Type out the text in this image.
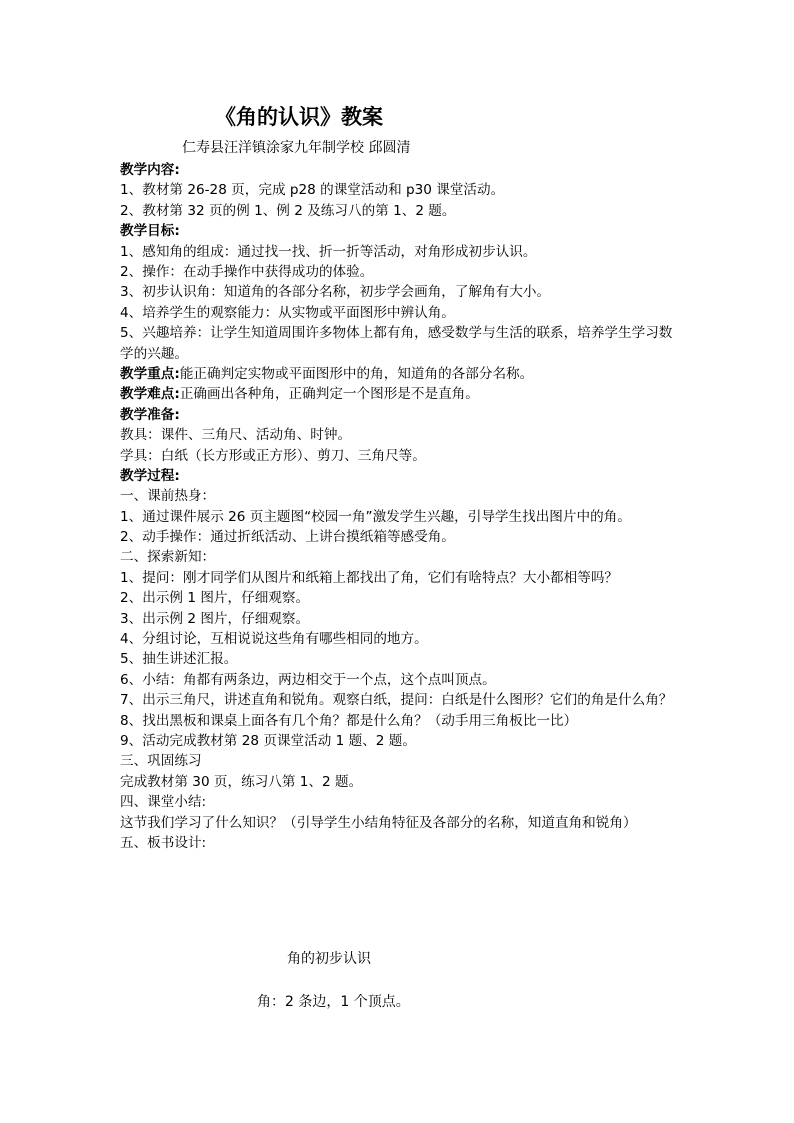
《角的认识》教案
仁寿县汪洋镇涂家九年制学校 邱圆清
教学内容:
1、教材第 26-28 页，完成 p28 的课堂活动和 p30 课堂活动。
2、教材第 32 页的例 1、例 2 及练习八的第 1、2 题。
教学目标:
1、感知角的组成：通过找一找、折一折等活动，对角形成初步认识。
2、操作：在动手操作中获得成功的体验。
3、初步认识角：知道角的各部分名称，初步学会画角，了解角有大小。
4、培养学生的观察能力：从实物或平面图形中辨认角。
5、兴趣培养：让学生知道周围许多物体上都有角，感受数学与生活的联系，培养学生学习数学的兴趣。
教学重点:能正确判定实物或平面图形中的角，知道角的各部分名称。
教学难点:正确画出各种角，正确判定一个图形是不是直角。
教学准备:
教具：课件、三角尺、活动角、时钟。
学具：白纸（长方形或正方形）、剪刀、三角尺等。
教学过程:
一、课前热身：
1、通过课件展示 26 页主题图“校园一角”激发学生兴趣，引导学生找出图片中的角。
2、动手操作：通过折纸活动、上讲台摸纸箱等感受角。
二、探索新知：
1、提问：刚才同学们从图片和纸箱上都找出了角，它们有啥特点？大小都相等吗？
2、出示例 1 图片，仔细观察。
3、出示例 2 图片，仔细观察。
4、分组讨论，互相说说这些角有哪些相同的地方。
5、抽生讲述汇报。
6、小结：角都有两条边，两边相交于一个点，这个点叫顶点。
7、出示三角尺，讲述直角和锐角。观察白纸，提问：白纸是什么图形？它们的角是什么角？
8、找出黑板和课桌上面各有几个角？都是什么角？（动手用三角板比一比）
9、活动完成教材第 28 页课堂活动 1 题、2 题。
三、巩固练习
完成教材第 30 页，练习八第 1、2 题。
四、课堂小结:
这节我们学习了什么知识？（引导学生小结角特征及各部分的名称，知道直角和锐角）
五、板书设计:
角的初步认识
角：2 条边，1 个顶点。
